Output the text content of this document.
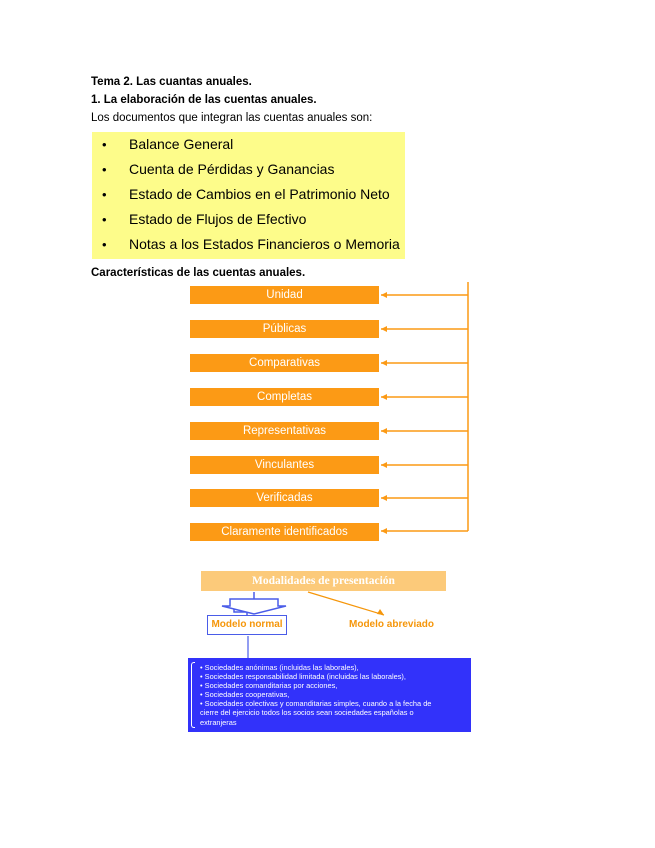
Tema 2. Las cuantas anuales.
1. La elaboración de las cuentas anuales.
Los documentos que integran las cuentas anuales son:
• Balance General
• Cuenta de Pérdidas y Ganancias
• Estado de Cambios en el Patrimonio Neto
• Estado de Flujos de Efectivo
• Notas a los Estados Financieros o Memoria
Características de las cuentas anuales.
Unidad
Públicas
Comparativas
Completas
Representativas
Vinculantes
Verificadas
Claramente identificados
Modalidades de presentación
Modelo normal	Modelo abreviado
• Sociedades anónimas (incluidas las laborales),
• Sociedades responsabilidad limitada (incluidas las laborales),
• Sociedades comanditarias por acciones,
• Sociedades cooperativas,
• Sociedades colectivas y comanditarias simples, cuando a la fecha de
cierre del ejercicio todos los socios sean sociedades españolas o
extranjeras
